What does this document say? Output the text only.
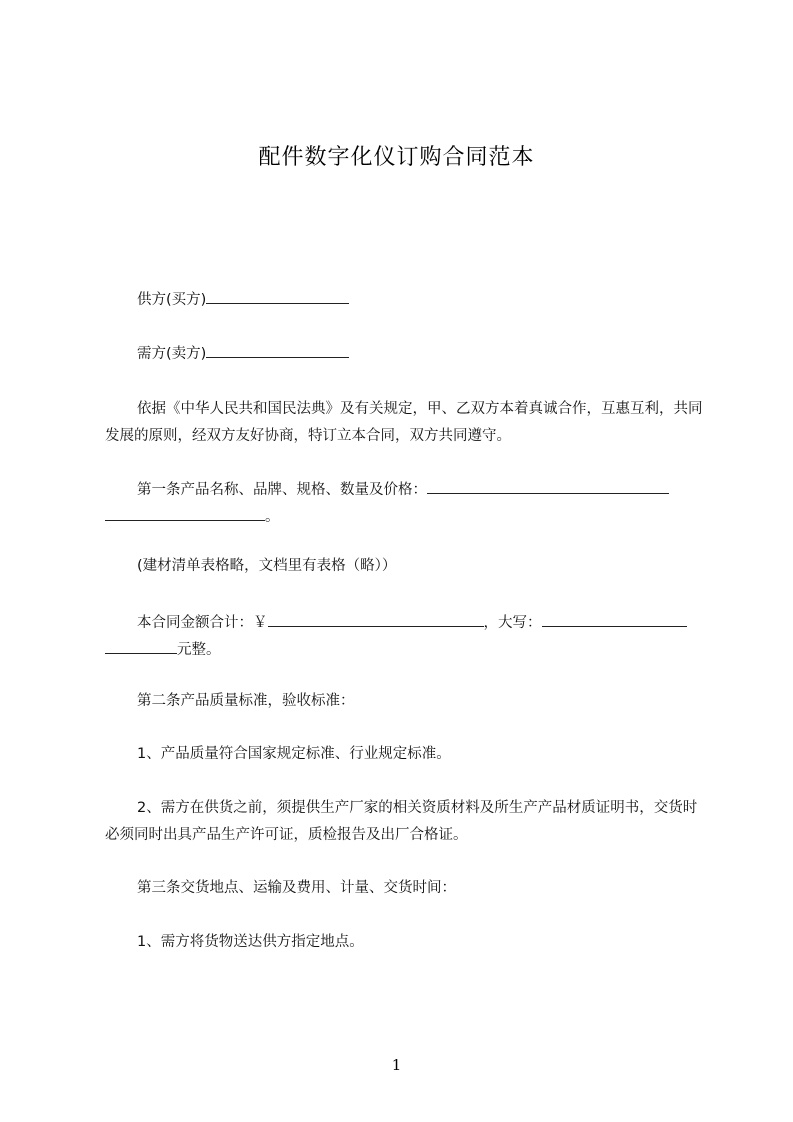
配件数字化仪订购合同范本
供方(买方)
需方(卖方)
依据《中华人民共和国民法典》及有关规定，甲、乙双方本着真诚合作，互惠互利，共同发展的原则，经双方友好协商，特订立本合同，双方共同遵守。
第一条产品名称、品牌、规格、数量及价格：
。
(建材清单表格略，文档里有表格（略））
本合同金额合计：￥	，大写：
元整。
第二条产品质量标准，验收标准：
1、产品质量符合国家规定标准、行业规定标准。
2、需方在供货之前，须提供生产厂家的相关资质材料及所生产产品材质证明书，交货时必须同时出具产品生产许可证，质检报告及出厂合格证。
第三条交货地点、运输及费用、计量、交货时间：
1、需方将货物送达供方指定地点。
1
